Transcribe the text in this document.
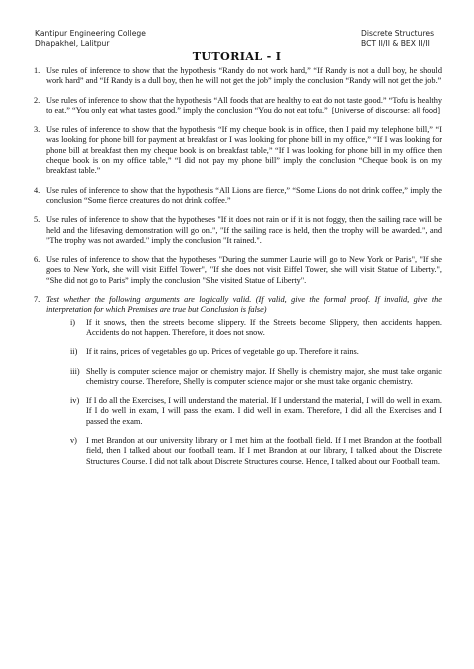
Kantipur Engineering College
Dhapakhel, Lalitpur
Discrete Structures
BCT II/II & BEX II/II
TUTORIAL - I
1. Use rules of inference to show that the hypothesis “Randy do not work hard,” “If Randy is not a dull boy, he should work hard” and “If Randy is a dull boy, then he will not get the job” imply the conclusion “Randy will not get the job.”
2. Use rules of inference to show that the hypothesis “All foods that are healthy to eat do not taste good.” “Tofu is healthy to eat.” “You only eat what tastes good.” imply the conclusion “You do not eat tofu.” [Universe of discourse: all food]
3. Use rules of inference to show that the hypothesis “If my cheque book is in office, then I paid my telephone bill,” “I was looking for phone bill for payment at breakfast or I was looking for phone bill in my office,” “If I was looking for phone bill at breakfast then my cheque book is on breakfast table,” “If I was looking for phone bill in my office then cheque book is on my office table,” “I did not pay my phone bill” imply the conclusion “Cheque book is on my breakfast table.”
4. Use rules of inference to show that the hypothesis “All Lions are fierce,” “Some Lions do not drink coffee,” imply the conclusion “Some fierce creatures do not drink coffee.”
5. Use rules of inference to show that the hypotheses "If it does not rain or if it is not foggy, then the sailing race will be held and the lifesaving demonstration will go on.", "If the sailing race is held, then the trophy will be awarded.", and "The trophy was not awarded." imply the conclusion "It rained.".
6. Use rules of inference to show that the hypotheses "During the summer Laurie will go to New York or Paris", "If she goes to New York, she will visit Eiffel Tower", "If she does not visit Eiffel Tower, she will visit Statue of Liberty.", “She did not go to Paris” imply the conclusion "She visited Statue of Liberty".
7. Test whether the following arguments are logically valid. (If valid, give the formal proof. If invalid, give the interpretation for which Premises are true but Conclusion is false)
i)	If it snows, then the streets become slippery. If the Streets become Slippery, then accidents happen. Accidents do not happen. Therefore, it does not snow.
ii)	If it rains, prices of vegetables go up. Prices of vegetable go up. Therefore it rains.
iii) Shelly is computer science major or chemistry major. If Shelly is chemistry major, she must take organic chemistry course. Therefore, Shelly is computer science major or she must take organic chemistry.
iv) If I do all the Exercises, I will understand the material. If I understand the material, I will do well in exam. If I do well in exam, I will pass the exam. I did well in exam. Therefore, I did all the Exercises and I passed the exam.
v)	I met Brandon at our university library or I met him at the football field. If I met Brandon at the football field, then I talked about our football team. If I met Brandon at our library, I talked about the Discrete Structures Course. I did not talk about Discrete Structures course. Hence, I talked about our Football team.
